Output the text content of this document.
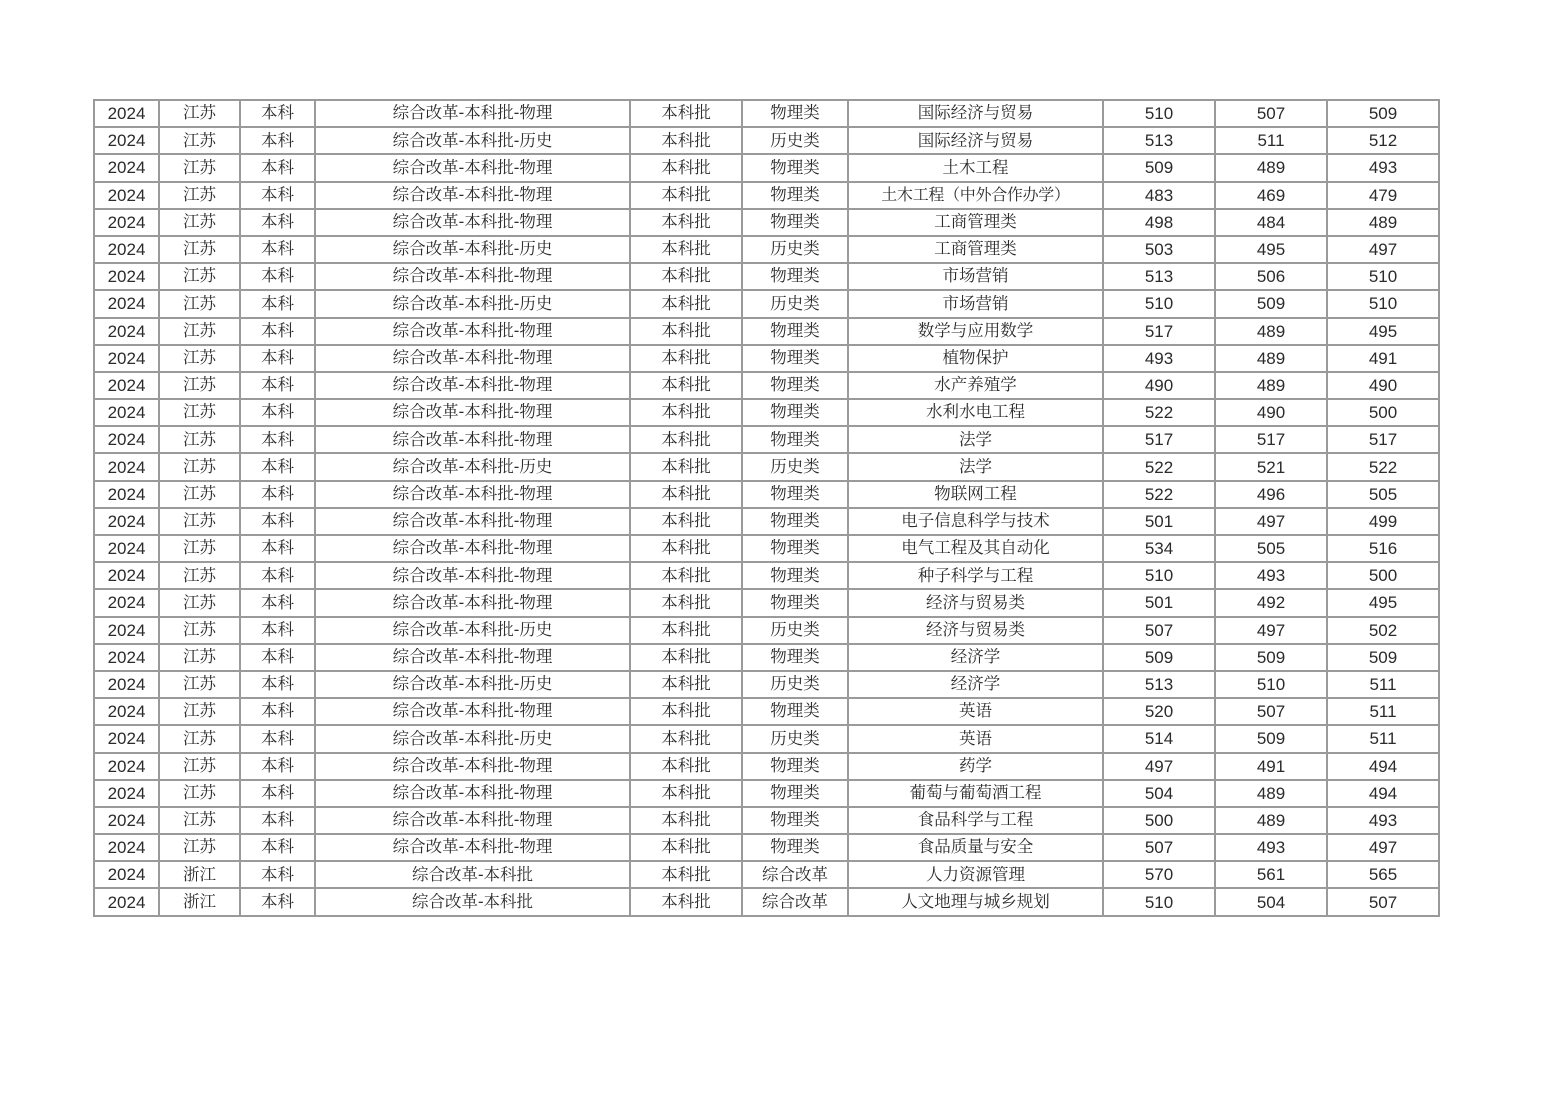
2024	江苏	本科	综合改革-本科批-物理	本科批	物理类	国际经济与贸易	510	507	509
2024	江苏	本科	综合改革-本科批-历史	本科批	历史类	国际经济与贸易	513	511	512
2024	江苏	本科	综合改革-本科批-物理	本科批	物理类	土木工程	509	489	493
2024	江苏	本科	综合改革-本科批-物理	本科批	物理类	土木工程（中外合作办学）	483	469	479
2024	江苏	本科	综合改革-本科批-物理	本科批	物理类	工商管理类	498	484	489
2024	江苏	本科	综合改革-本科批-历史	本科批	历史类	工商管理类	503	495	497
2024	江苏	本科	综合改革-本科批-物理	本科批	物理类	市场营销	513	506	510
2024	江苏	本科	综合改革-本科批-历史	本科批	历史类	市场营销	510	509	510
2024	江苏	本科	综合改革-本科批-物理	本科批	物理类	数学与应用数学	517	489	495
2024	江苏	本科	综合改革-本科批-物理	本科批	物理类	植物保护	493	489	491
2024	江苏	本科	综合改革-本科批-物理	本科批	物理类	水产养殖学	490	489	490
2024	江苏	本科	综合改革-本科批-物理	本科批	物理类	水利水电工程	522	490	500
2024	江苏	本科	综合改革-本科批-物理	本科批	物理类	法学	517	517	517
2024	江苏	本科	综合改革-本科批-历史	本科批	历史类	法学	522	521	522
2024	江苏	本科	综合改革-本科批-物理	本科批	物理类	物联网工程	522	496	505
2024	江苏	本科	综合改革-本科批-物理	本科批	物理类	电子信息科学与技术	501	497	499
2024	江苏	本科	综合改革-本科批-物理	本科批	物理类	电气工程及其自动化	534	505	516
2024	江苏	本科	综合改革-本科批-物理	本科批	物理类	种子科学与工程	510	493	500
2024	江苏	本科	综合改革-本科批-物理	本科批	物理类	经济与贸易类	501	492	495
2024	江苏	本科	综合改革-本科批-历史	本科批	历史类	经济与贸易类	507	497	502
2024	江苏	本科	综合改革-本科批-物理	本科批	物理类	经济学	509	509	509
2024	江苏	本科	综合改革-本科批-历史	本科批	历史类	经济学	513	510	511
2024	江苏	本科	综合改革-本科批-物理	本科批	物理类	英语	520	507	511
2024	江苏	本科	综合改革-本科批-历史	本科批	历史类	英语	514	509	511
2024	江苏	本科	综合改革-本科批-物理	本科批	物理类	药学	497	491	494
2024	江苏	本科	综合改革-本科批-物理	本科批	物理类	葡萄与葡萄酒工程	504	489	494
2024	江苏	本科	综合改革-本科批-物理	本科批	物理类	食品科学与工程	500	489	493
2024	江苏	本科	综合改革-本科批-物理	本科批	物理类	食品质量与安全	507	493	497
2024	浙江	本科	综合改革-本科批	本科批	综合改革	人力资源管理	570	561	565
2024	浙江	本科	综合改革-本科批	本科批	综合改革	人文地理与城乡规划	510	504	507
